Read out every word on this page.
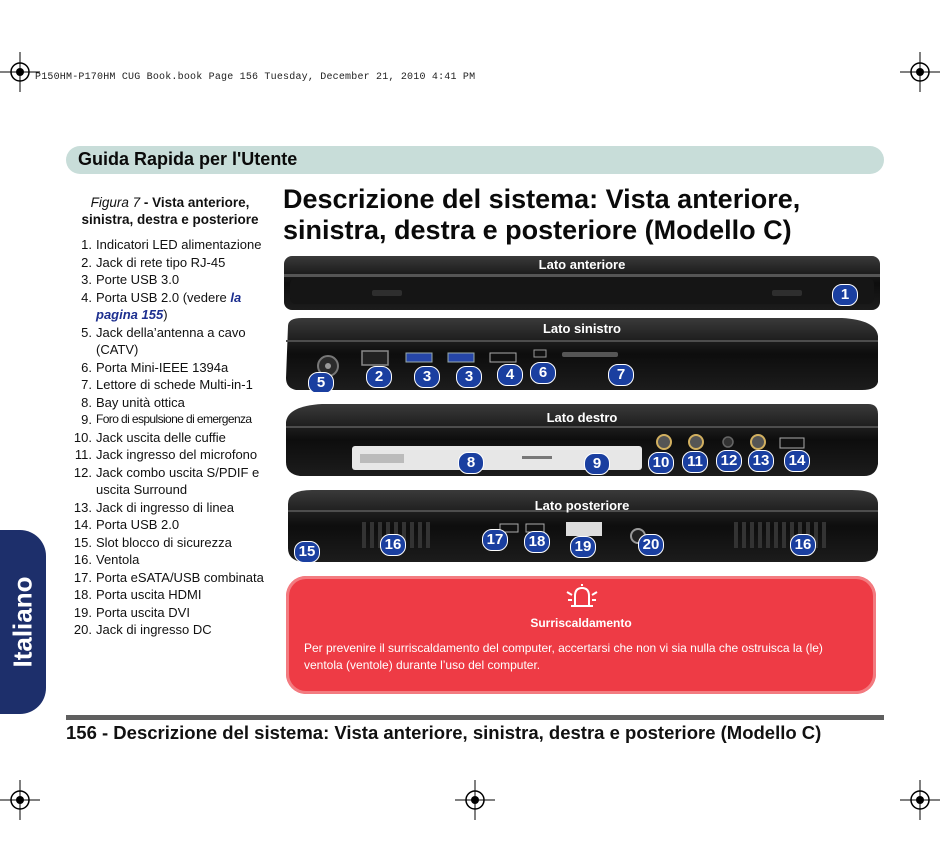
P150HM-P170HM CUG Book.book Page 156 Tuesday, December 21, 2010 4:41 PM
Guida Rapida per l'Utente
Italiano
Figura 7 - Vista anteriore, sinistra, destra e posteriore
1. Indicatori LED alimentazione
2. Jack di rete tipo RJ-45
3. Porte USB 3.0
4. Porta USB 2.0 (vedere la pagina 155)
5. Jack della’antenna a cavo (CATV)
6. Porta Mini-IEEE 1394a
7. Lettore di schede Multi-in-1
8. Bay unità ottica
9. Foro di espulsione di emergenza
10. Jack uscita delle cuffie
11. Jack ingresso del microfono
12. Jack combo uscita S/PDIF e uscita Surround
13. Jack di ingresso di linea
14. Porta USB 2.0
15. Slot blocco di sicurezza
16. Ventola
17. Porta eSATA/USB combinata
18. Porta uscita HDMI
19. Porta uscita DVI
20. Jack di ingresso DC
Descrizione del sistema: Vista anteriore, sinistra, destra e posteriore (Modello C)
Lato anteriore
1
Lato sinistro
5	2	3	3	4	6	7
Lato destro
8	9	10	11	12	13	14
Lato posteriore
15	16	17	18	19	20	16
Surriscaldamento
Per prevenire il surriscaldamento del computer, accertarsi che non vi sia nulla che ostruisca la (le) ventola (ventole) durante l’uso del computer.
156 - Descrizione del sistema: Vista anteriore, sinistra, destra e posteriore (Modello C)
